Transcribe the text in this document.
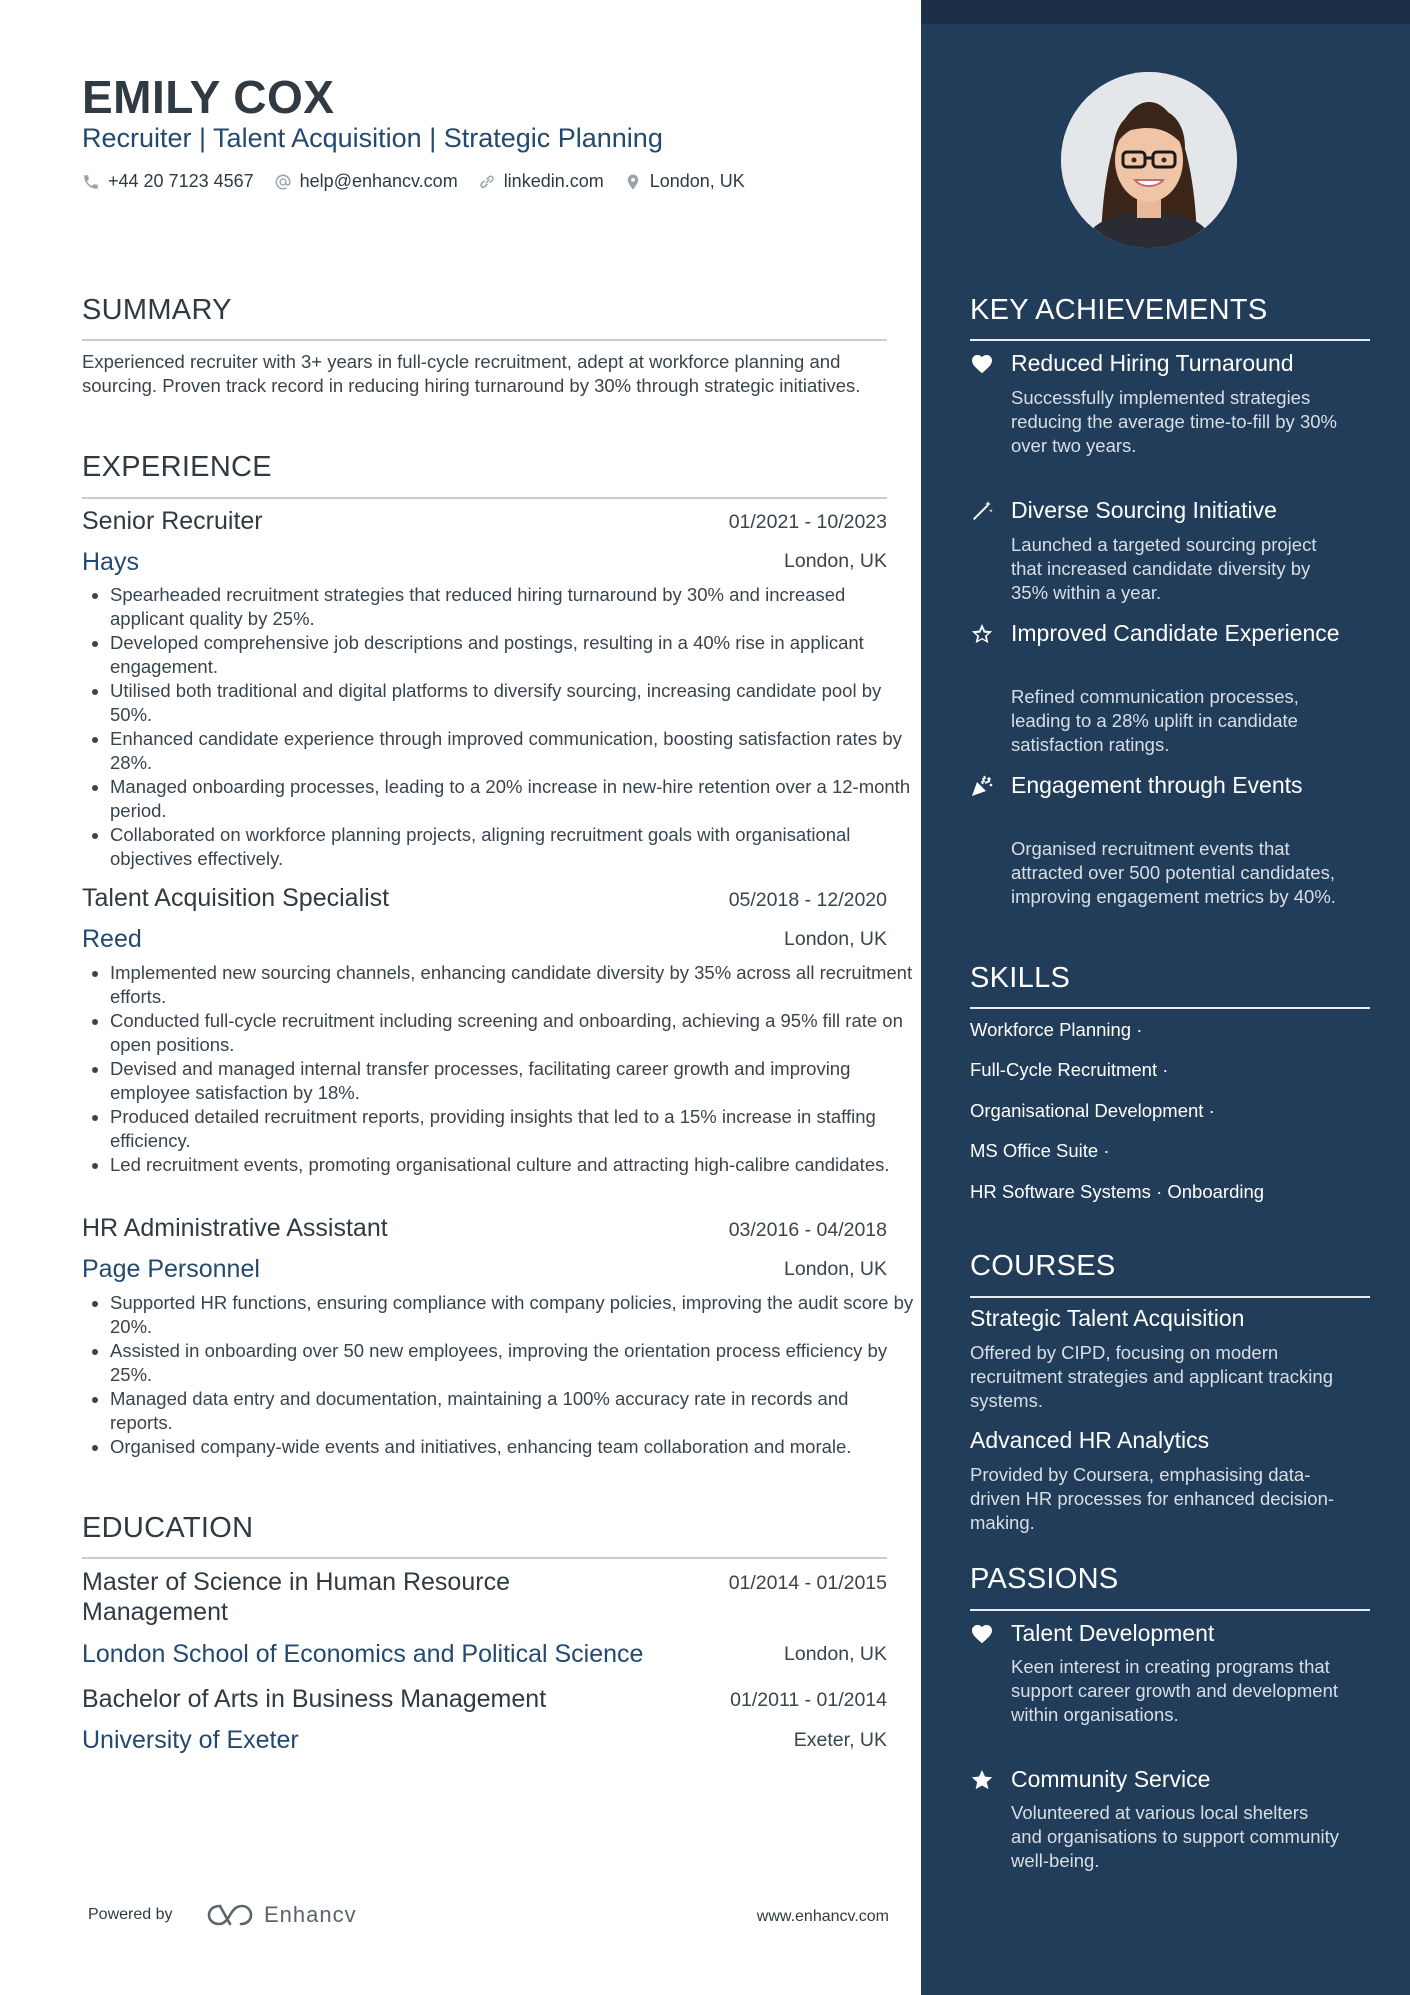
EMILY COX
Recruiter | Talent Acquisition | Strategic Planning
+44 20 7123 4567	help@enhancv.com	linkedin.com	London, UK
SUMMARY
Experienced recruiter with 3+ years in full-cycle recruitment, adept at workforce planning and sourcing. Proven track record in reducing hiring turnaround by 30% through strategic initiatives.
EXPERIENCE
Senior Recruiter	01/2021 - 10/2023
Hays	London, UK
• Spearheaded recruitment strategies that reduced hiring turnaround by 30% and increased applicant quality by 25%.
• Developed comprehensive job descriptions and postings, resulting in a 40% rise in applicant engagement.
• Utilised both traditional and digital platforms to diversify sourcing, increasing candidate pool by 50%.
• Enhanced candidate experience through improved communication, boosting satisfaction rates by 28%.
• Managed onboarding processes, leading to a 20% increase in new-hire retention over a 12-month period.
• Collaborated on workforce planning projects, aligning recruitment goals with organisational objectives effectively.
Talent Acquisition Specialist	05/2018 - 12/2020
Reed	London, UK
• Implemented new sourcing channels, enhancing candidate diversity by 35% across all recruitment efforts.
• Conducted full-cycle recruitment including screening and onboarding, achieving a 95% fill rate on open positions.
• Devised and managed internal transfer processes, facilitating career growth and improving employee satisfaction by 18%.
• Produced detailed recruitment reports, providing insights that led to a 15% increase in staffing efficiency.
• Led recruitment events, promoting organisational culture and attracting high-calibre candidates.
HR Administrative Assistant	03/2016 - 04/2018
Page Personnel	London, UK
• Supported HR functions, ensuring compliance with company policies, improving the audit score by 20%.
• Assisted in onboarding over 50 new employees, improving the orientation process efficiency by 25%.
• Managed data entry and documentation, maintaining a 100% accuracy rate in records and reports.
• Organised company-wide events and initiatives, enhancing team collaboration and morale.
EDUCATION
Master of Science in Human Resource Management
01/2014 - 01/2015
London School of Economics and Political Science	London, UK
Bachelor of Arts in Business Management	01/2011 - 01/2014
University of Exeter	Exeter, UK
Powered by	Enhancv	www.enhancv.com
KEY ACHIEVEMENTS
Reduced Hiring Turnaround
Successfully implemented strategies reducing the average time-to-fill by 30% over two years.
Diverse Sourcing Initiative
Launched a targeted sourcing project that increased candidate diversity by 35% within a year.
Improved Candidate Experience
Refined communication processes, leading to a 28% uplift in candidate satisfaction ratings.
Engagement through Events
Organised recruitment events that attracted over 500 potential candidates, improving engagement metrics by 40%.
SKILLS
Workforce Planning ·
Full-Cycle Recruitment ·
Organisational Development ·
MS Office Suite ·
HR Software Systems · Onboarding
COURSES
Strategic Talent Acquisition
Offered by CIPD, focusing on modern recruitment strategies and applicant tracking systems.
Advanced HR Analytics
Provided by Coursera, emphasising data-driven HR processes for enhanced decision-making.
PASSIONS
Talent Development
Keen interest in creating programs that support career growth and development within organisations.
Community Service
Volunteered at various local shelters and organisations to support community well-being.
